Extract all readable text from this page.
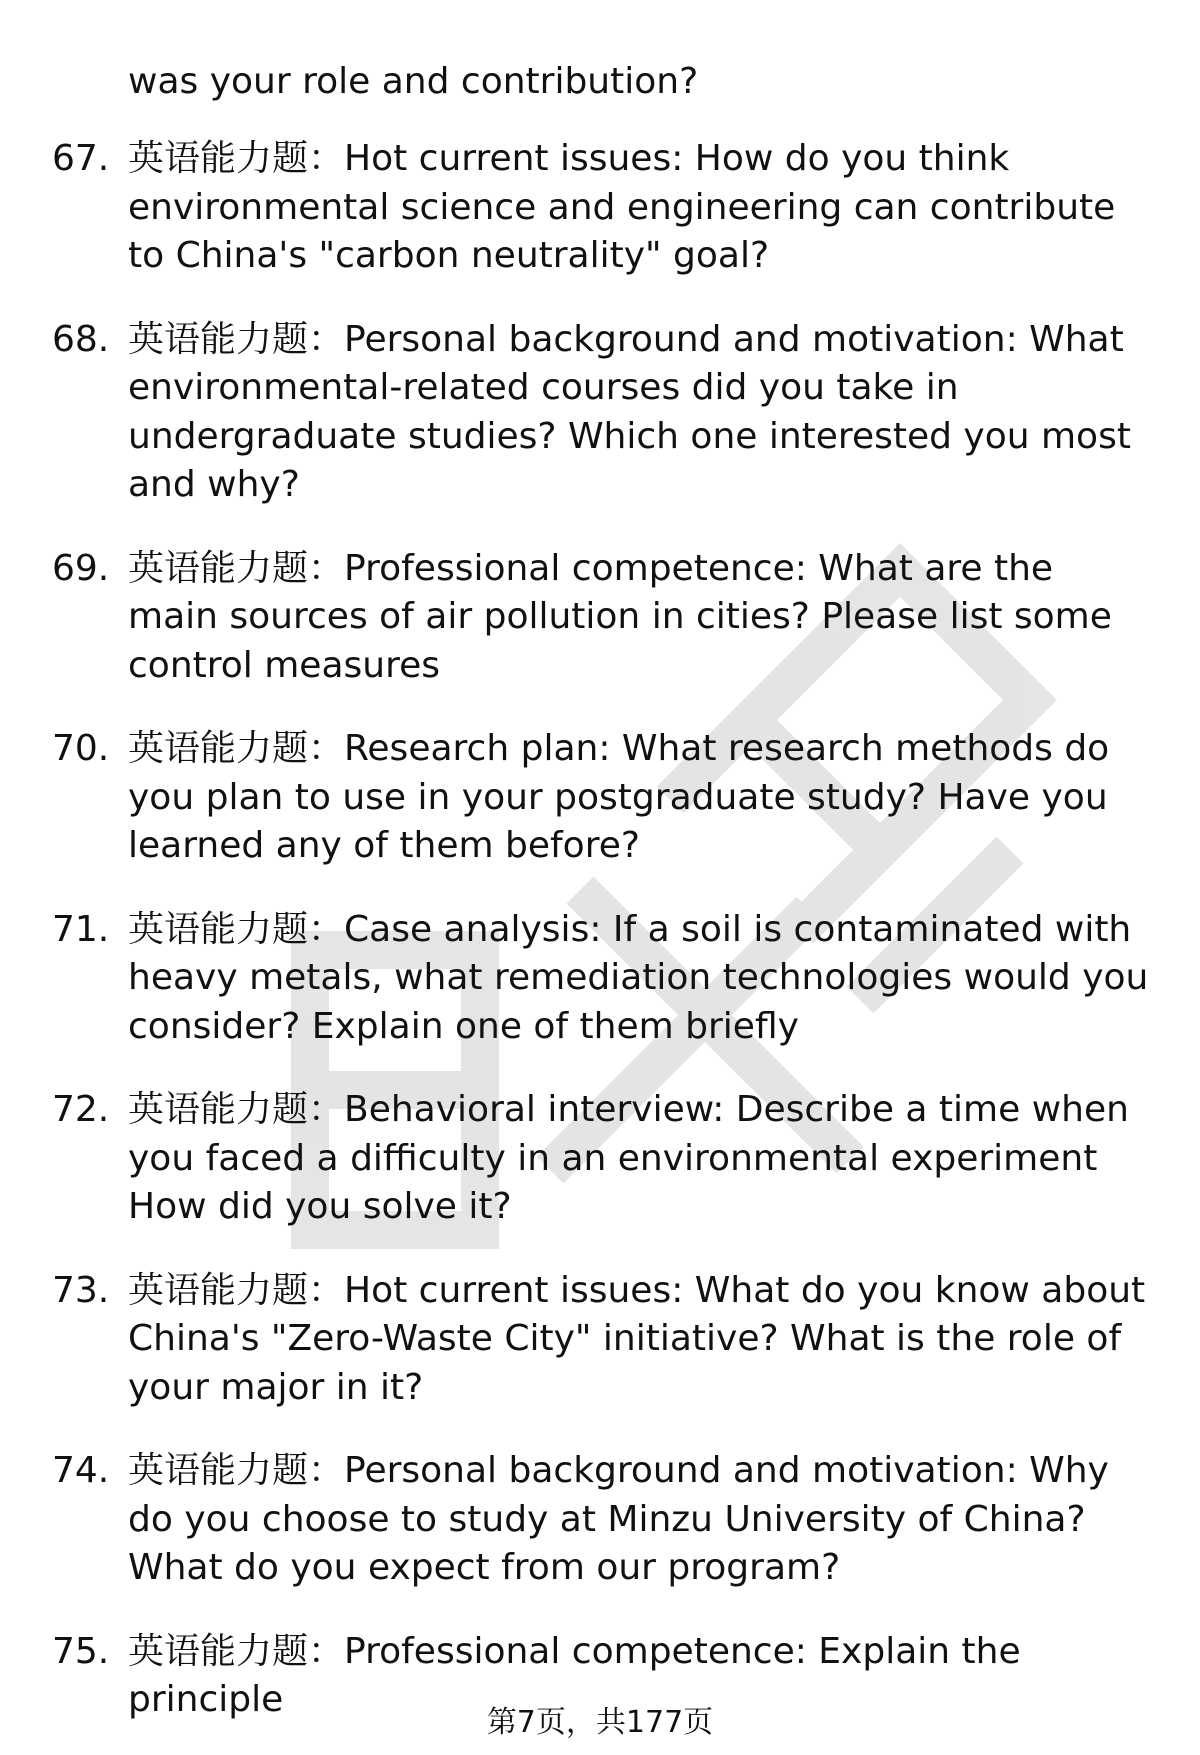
was your role and contribution?

67. 英语能力题：Hot current issues: How do you think environmental science and engineering can contribute to China's "carbon neutrality" goal?
68. 英语能力题：Personal background and motivation: What environmental-related courses did you take in undergraduate studies? Which one interested you most and why?
69. 英语能力题：Professional competence: What are the main sources of air pollution in cities? Please list some control measures
70. 英语能力题：Research plan: What research methods do you plan to use in your postgraduate study? Have you learned any of them before?
71. 英语能力题：Case analysis: If a soil is contaminated with heavy metals, what remediation technologies would you consider? Explain one of them briefly
72. 英语能力题：Behavioral interview: Describe a time when you faced a difficulty in an environmental experiment How did you solve it?
73. 英语能力题：Hot current issues: What do you know about China's "Zero-Waste City" initiative? What is the role of your major in it?
74. 英语能力题：Personal background and motivation: Why do you choose to study at Minzu University of China? What do you expect from our program?
75. 英语能力题：Professional competence: Explain the principle
第7页，共177页
